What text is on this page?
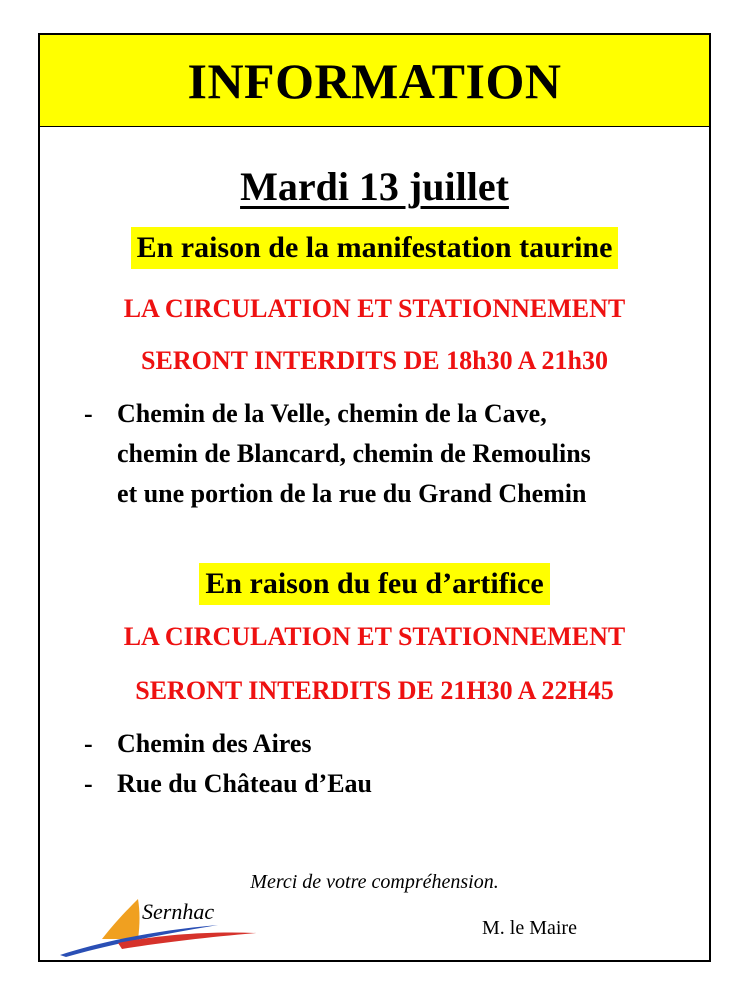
INFORMATION
Mardi 13 juillet
En raison de la manifestation taurine
LA CIRCULATION ET STATIONNEMENT
SERONT INTERDITS DE 18h30 A 21h30
- Chemin de la Velle, chemin de la Cave,
chemin de Blancard, chemin de Remoulins
et une portion de la rue du Grand Chemin
En raison du feu d’artifice
LA CIRCULATION ET STATIONNEMENT
SERONT INTERDITS DE 21H30 A 22H45
- Chemin des Aires
- Rue du Château d’Eau
Merci de votre compréhension.
M. le Maire
Sernhac
